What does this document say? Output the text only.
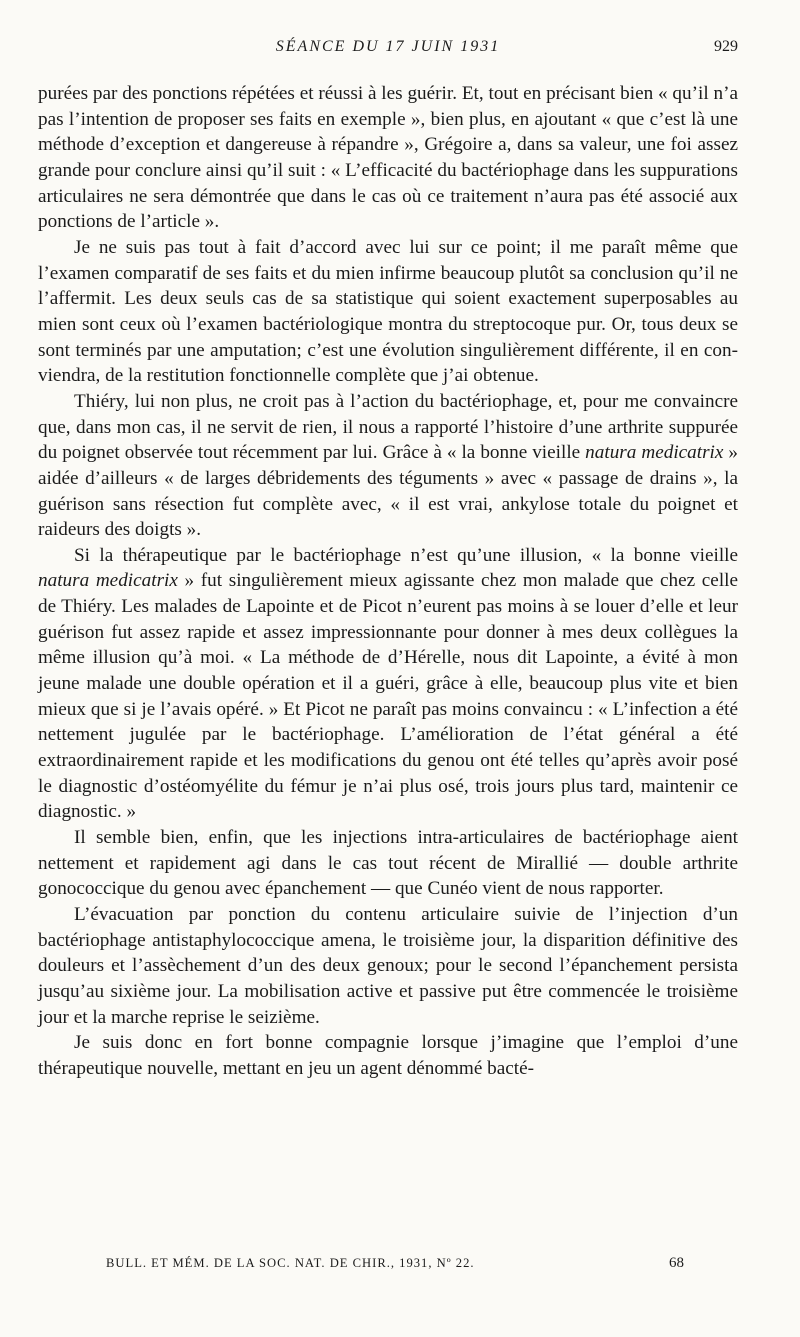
SÉANCE DU 17 JUIN 1931	929

purées par des ponctions répétées et réussi à les guérir. Et, tout en précisant bien « qu’il n’a pas l’intention de proposer ses faits en exemple », bien plus, en ajoutant « que c’est là une méthode d’exception et dangereuse à répandre », Grégoire a, dans sa valeur, une foi assez grande pour conclure ainsi qu’il suit : « L’efficacité du bactériophage dans les suppurations articulaires ne sera démontrée que dans le cas où ce traitement n’aura pas été associé aux ponctions de l’article ».

Je ne suis pas tout à fait d’accord avec lui sur ce point; il me paraît même que l’examen comparatif de ses faits et du mien infirme beaucoup plutôt sa conclusion qu’il ne l’affermit. Les deux seuls cas de sa statistique qui soient exactement superposables au mien sont ceux où l’examen bactériologique montra du streptocoque pur. Or, tous deux se sont terminés par une amputation; c’est une évolution singulièrement différente, il en conviendra, de la restitution fonctionnelle complète que j’ai obtenue.

Thiéry, lui non plus, ne croit pas à l’action du bactériophage, et, pour me convaincre que, dans mon cas, il ne servit de rien, il nous a rapporté l’histoire d’une arthrite suppurée du poignet observée tout récemment par lui. Grâce à « la bonne vieille natura medicatrix » aidée d’ailleurs « de larges débridements des téguments » avec « passage de drains », la guérison sans résection fut complète avec, « il est vrai, ankylose totale du poignet et raideurs des doigts ».

Si la thérapeutique par le bactériophage n’est qu’une illusion, « la bonne vieille natura medicatrix » fut singulièrement mieux agissante chez mon malade que chez celle de Thiéry. Les malades de Lapointe et de Picot n’eurent pas moins à se louer d’elle et leur guérison fut assez rapide et assez impressionnante pour donner à mes deux collègues la même illusion qu’à moi. « La méthode de d’Hérelle, nous dit Lapointe, a évité à mon jeune malade une double opération et il a guéri, grâce à elle, beaucoup plus vite et bien mieux que si je l’avais opéré. » Et Picot ne paraît pas moins convaincu : « L’infection a été nettement jugulée par le bactériophage. L’amélioration de l’état général a été extraordinairement rapide et les modifications du genou ont été telles qu’après avoir posé le diagnostic d’ostéomyélite du fémur je n’ai plus osé, trois jours plus tard, maintenir ce diagnostic. »

Il semble bien, enfin, que les injections intra-articulaires de bactériophage aient nettement et rapidement agi dans le cas tout récent de Mirallié — double arthrite gonococcique du genou avec épanchement — que Cunéo vient de nous rapporter.

L’évacuation par ponction du contenu articulaire suivie de l’injection d’un bactériophage antistaphylococcique amena, le troisième jour, la disparition définitive des douleurs et l’assèchement d’un des deux genoux; pour le second l’épanchement persista jusqu’au sixième jour. La mobilisation active et passive put être commencée le troisième jour et la marche reprise le seizième.

Je suis donc en fort bonne compagnie lorsque j’imagine que l’emploi d’une thérapeutique nouvelle, mettant en jeu un agent dénommé bacté-

BULL. ET MÉM. DE LA SOC. NAT. DE CHIR., 1931, Nº 22.	68
